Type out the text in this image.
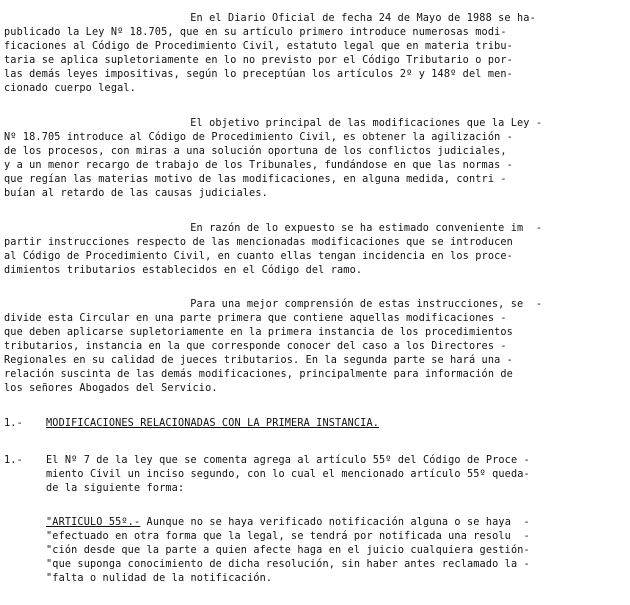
En el Diario Oficial de fecha 24 de Mayo de 1988 se ha-
publicado la Ley Nº 18.705, que en su artículo primero introduce numerosas modi-
ficaciones al Código de Procedimiento Civil, estatuto legal que en materia tribu-
taria se aplica supletoriamente en lo no previsto por el Código Tributario o por-
las demás leyes impositivas, según lo preceptúan los artículos 2º y 148º del men-
cionado cuerpo legal.
El objetivo principal de las modificaciones que la Ley -
Nº 18.705 introduce al Código de Procedimiento Civil, es obtener la agilización -
de los procesos, con miras a una solución oportuna de los conflictos judiciales,
y a un menor recargo de trabajo de los Tribunales, fundándose en que las normas -
que regían las materias motivo de las modificaciones, en alguna medida, contri -
buían al retardo de las causas judiciales.
En razón de lo expuesto se ha estimado conveniente im  -
partir instrucciones respecto de las mencionadas modificaciones que se introducen
al Código de Procedimiento Civil, en cuanto ellas tengan incidencia en los proce-
dimientos tributarios establecidos en el Código del ramo.
Para una mejor comprensión de estas instrucciones, se  -
divide esta Circular en una parte primera que contiene aquellas modificaciones -
que deben aplicarse supletoriamente en la primera instancia de los procedimientos
tributarios, instancia en la que corresponde conocer del caso a los Directores -
Regionales en su calidad de jueces tributarios. En la segunda parte se hará una -
relación suscinta de las demás modificaciones, principalmente para información de
los señores Abogados del Servicio.
1.- MODIFICACIONES RELACIONADAS CON LA PRIMERA INSTANCIA.
1.- El Nº 7 de la ley que se comenta agrega al artículo 55º del Código de Proce -
miento Civil un inciso segundo, con lo cual el mencionado artículo 55º queda-
de la siguiente forma:
"ARTICULO 55º.- Aunque no se haya verificado notificación alguna o se haya  -
"efectuado en otra forma que la legal, se tendrá por notificada una resolu  -
"ción desde que la parte a quien afecte haga en el juicio cualquiera gestión-
"que suponga conocimiento de dicha resolución, sin haber antes reclamado la -
"falta o nulidad de la notificación.
